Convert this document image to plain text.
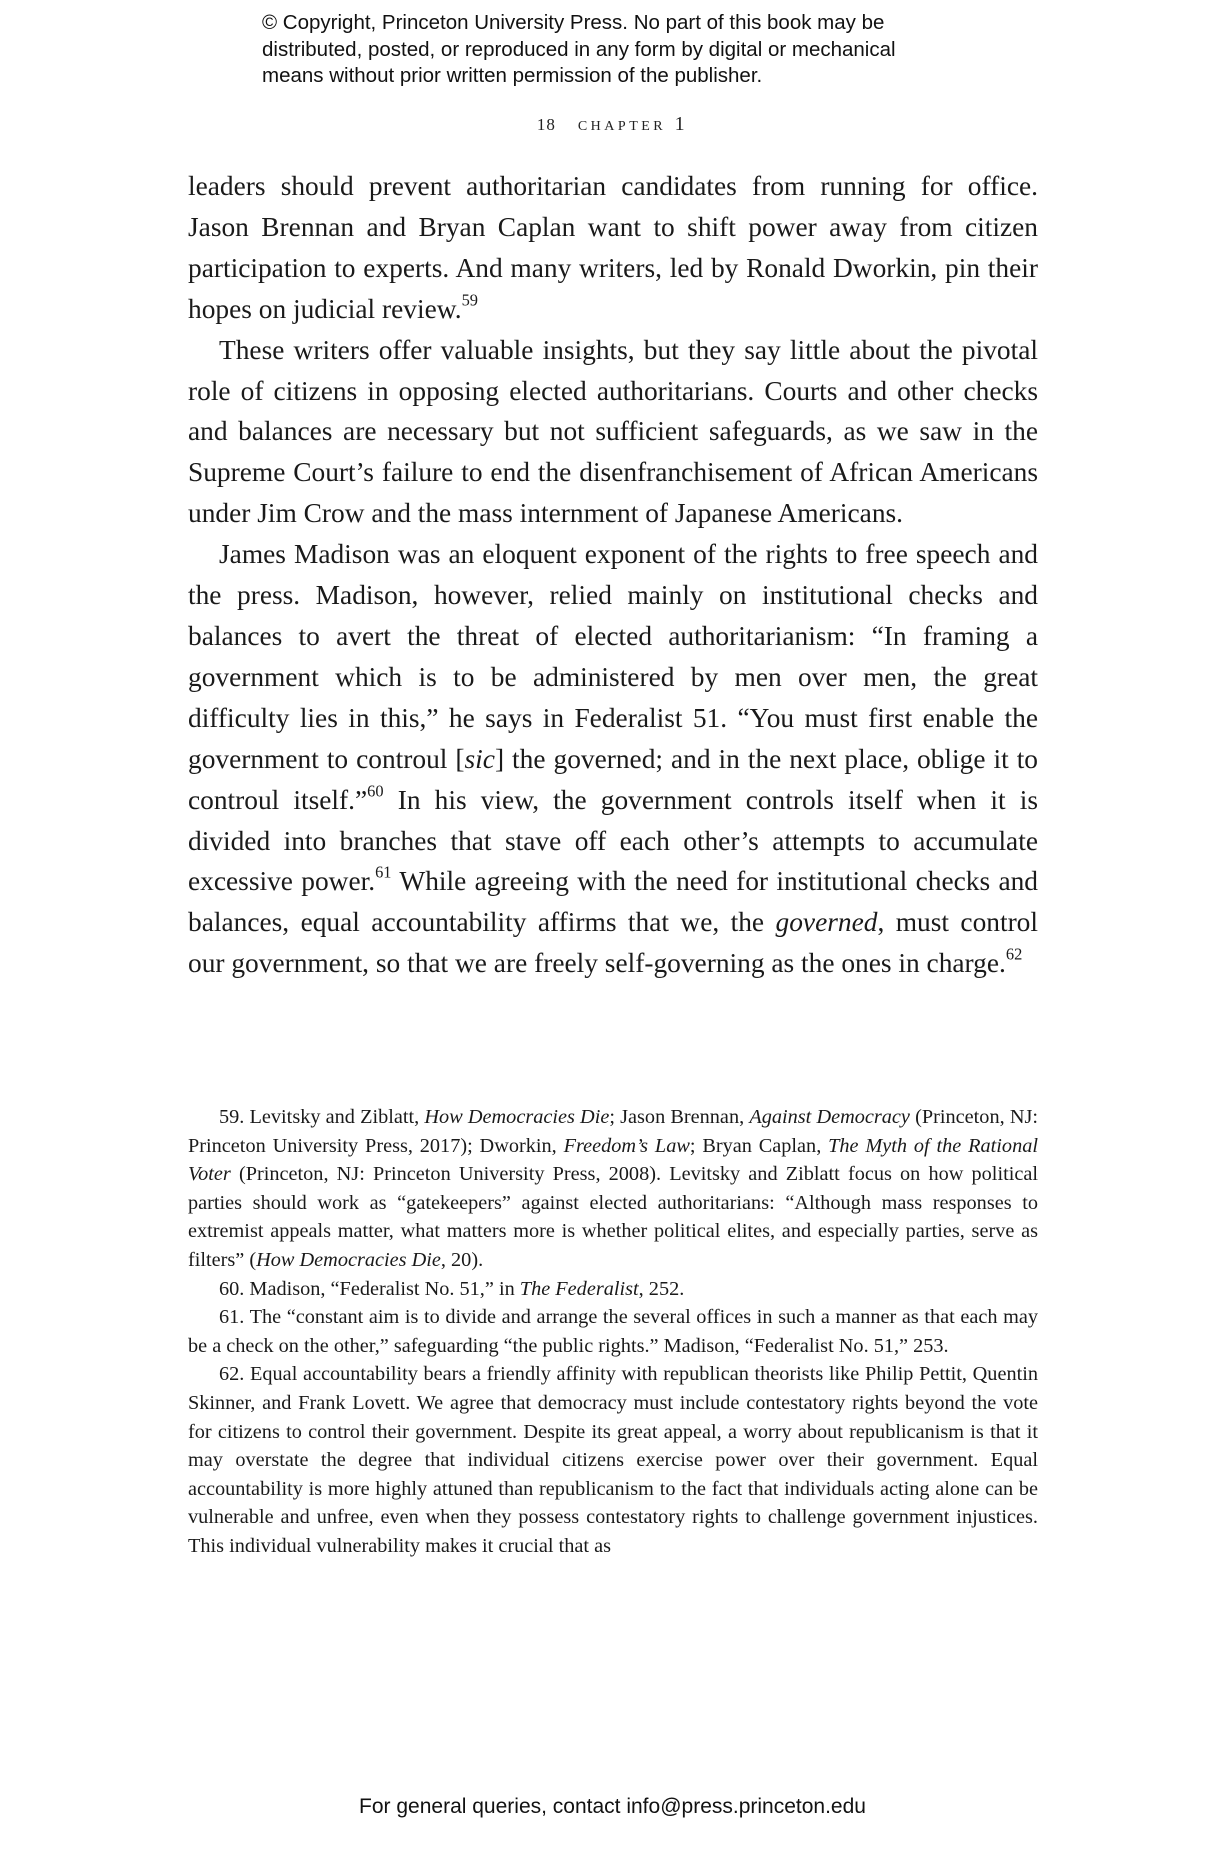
© Copyright, Princeton University Press. No part of this book may be
distributed, posted, or reproduced in any form by digital or mechanical
means without prior written permission of the publisher.
18 chapter 1

leaders should prevent authoritarian candidates from running for office. Jason Brennan and Bryan Caplan want to shift power away from citizen participation to experts. And many writers, led by Ronald Dworkin, pin their hopes on judicial review.$^{59}$

These writers offer valuable insights, but they say little about the pivotal role of citizens in opposing elected authoritarians. Courts and other checks and balances are necessary but not sufficient safeguards, as we saw in the Supreme Court’s failure to end the disenfranchisement of African Americans under Jim Crow and the mass internment of Japanese Americans.

James Madison was an eloquent exponent of the rights to free speech and the press. Madison, however, relied mainly on institutional checks and balances to avert the threat of elected authoritarianism: “In framing a government which is to be administered by men over men, the great difficulty lies in this,” he says in Federalist 51. “You must first enable the government to controul [sic] the governed; and in the next place, oblige it to controul itself.”$^{60}$ In his view, the government controls itself when it is divided into branches that stave off each other’s attempts to accumulate excessive power.$^{61}$ While agreeing with the need for institutional checks and balances, equal accountability affirms that we, the governed, must control our government, so that we are freely self-governing as the ones in charge.$^{62}$

59. Levitsky and Ziblatt, How Democracies Die; Jason Brennan, Against Democracy (Princeton, NJ: Princeton University Press, 2017); Dworkin, Freedom’s Law; Bryan Caplan, The Myth of the Rational Voter (Princeton, NJ: Princeton University Press, 2008). Levitsky and Ziblatt focus on how political parties should work as “gatekeepers” against elected authoritarians: “Although mass responses to extremist appeals matter, what matters more is whether political elites, and especially parties, serve as filters” (How Democracies Die, 20).

60. Madison, “Federalist No. 51,” in The Federalist, 252.

61. The “constant aim is to divide and arrange the several offices in such a manner as that each may be a check on the other,” safeguarding “the public rights.” Madison, “Federalist No. 51,” 253.

62. Equal accountability bears a friendly affinity with republican theorists like Philip Pettit, Quentin Skinner, and Frank Lovett. We agree that democracy must include contestatory rights beyond the vote for citizens to control their government. Despite its great appeal, a worry about republicanism is that it may overstate the degree that individual citizens exercise power over their government. Equal accountability is more highly attuned than republicanism to the fact that individuals acting alone can be vulnerable and unfree, even when they possess contestatory rights to challenge government injustices. This individual vulnerability makes it crucial that as

For general queries, contact info@press.princeton.edu
